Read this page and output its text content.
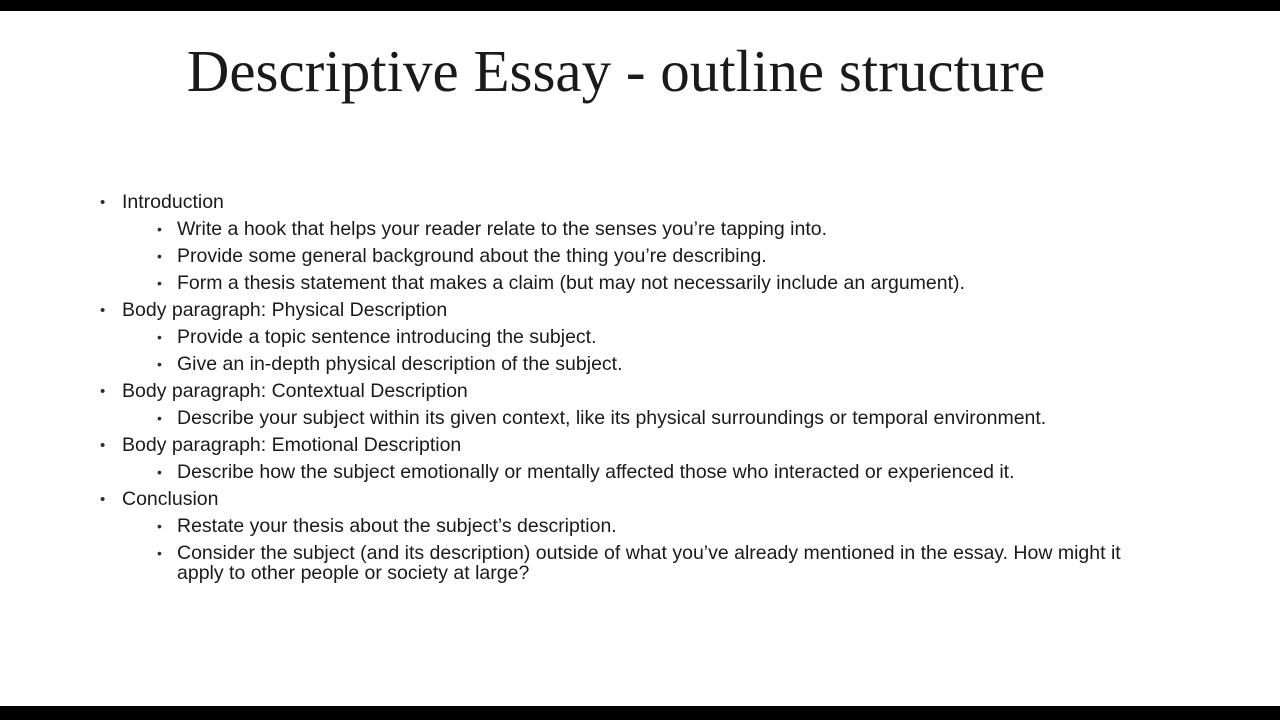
Descriptive Essay - outline structure
• Introduction
• Write a hook that helps your reader relate to the senses you’re tapping into.
• Provide some general background about the thing you’re describing.
• Form a thesis statement that makes a claim (but may not necessarily include an argument).
• Body paragraph: Physical Description
• Provide a topic sentence introducing the subject.
• Give an in-depth physical description of the subject.
• Body paragraph: Contextual Description
• Describe your subject within its given context, like its physical surroundings or temporal environment.
• Body paragraph: Emotional Description
• Describe how the subject emotionally or mentally affected those who interacted or experienced it.
• Conclusion
• Restate your thesis about the subject’s description.
• Consider the subject (and its description) outside of what you’ve already mentioned in the essay. How might it apply to other people or society at large?
